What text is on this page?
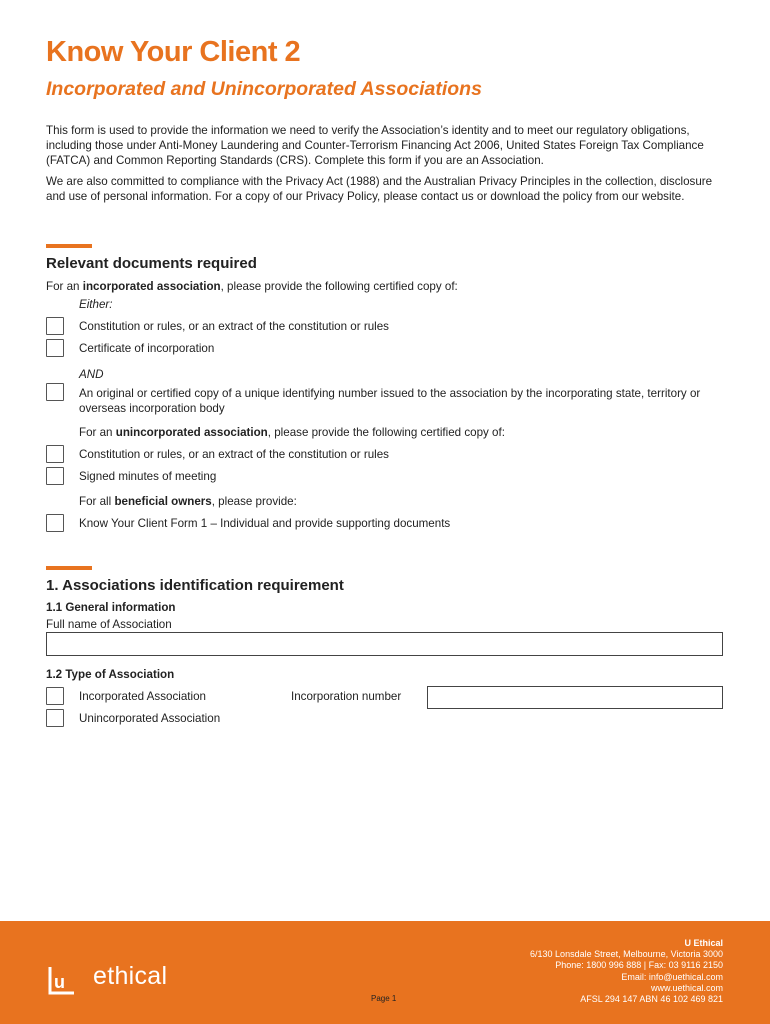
Know Your Client 2
Incorporated and Unincorporated Associations

This form is used to provide the information we need to verify the Association’s identity and to meet our regulatory obligations, including those under Anti-Money Laundering and Counter-Terrorism Financing Act 2006, United States Foreign Tax Compliance (FATCA) and Common Reporting Standards (CRS). Complete this form if you are an Association.

We are also committed to compliance with the Privacy Act (1988) and the Australian Privacy Principles in the collection, disclosure and use of personal information. For a copy of our Privacy Policy, please contact us or download the policy from our website.

Relevant documents required
For an incorporated association, please provide the following certified copy of:
Either:
Constitution or rules, or an extract of the constitution or rules
Certificate of incorporation
AND
An original or certified copy of a unique identifying number issued to the association by the incorporating state, territory or overseas incorporation body
For an unincorporated association, please provide the following certified copy of:
Constitution or rules, or an extract of the constitution or rules
Signed minutes of meeting
For all beneficial owners, please provide:
Know Your Client Form 1 – Individual and provide supporting documents
1. Associations identification requirement
1.1 General information
Full name of Association
1.2 Type of Association
Incorporated Association	Incorporation number
Unincorporated Association
u ethical
U Ethical
6/130 Lonsdale Street, Melbourne, Victoria 3000
Phone: 1800 996 888 | Fax: 03 9116 2150
Email: info@uethical.com
www.uethical.com
AFSL 294 147 ABN 46 102 469 821
Page 1
